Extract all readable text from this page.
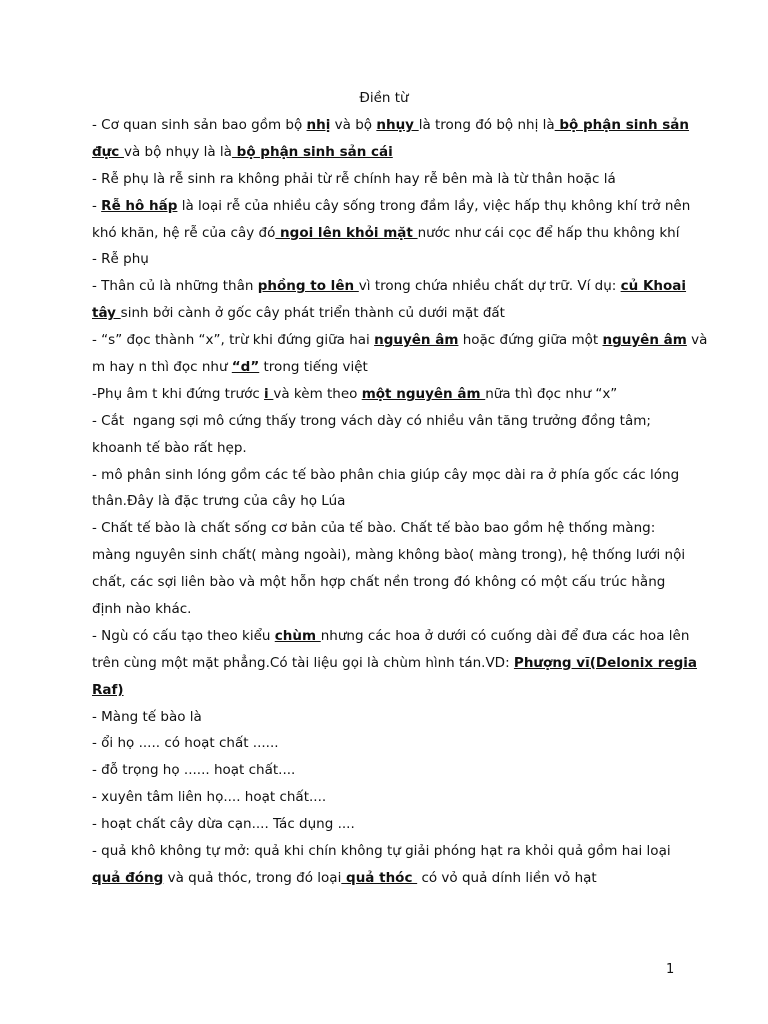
Điền từ
- Cơ quan sinh sản bao gồm bộ nhị và bộ nhụy là trong đó bộ nhị là bộ phận sinh sản
đực và bộ nhụy là là bộ phận sinh sản cái
- Rễ phụ là rễ sinh ra không phải từ rễ chính hay rễ bên mà là từ thân hoặc lá
- Rễ hô hấp là loại rễ của nhiều cây sống trong đầm lầy, việc hấp thụ không khí trở nên
khó khăn, hệ rễ của cây đó ngoi lên khỏi mặt nước như cái cọc để hấp thu không khí
- Rễ phụ
- Thân củ là những thân phồng to lên vì trong chứa nhiều chất dự trữ. Ví dụ: củ Khoai
tây sinh bởi cành ở gốc cây phát triển thành củ dưới mặt đất
- “s” đọc thành “x”, trừ khi đứng giữa hai nguyên âm hoặc đứng giữa một nguyên âm và
m hay n thì đọc như “d” trong tiếng việt
-Phụ âm t khi đứng trước i và kèm theo một nguyên âm nữa thì đọc như “x”
- Cắt  ngang sợi mô cứng thấy trong vách dày có nhiều vân tăng trưởng đồng tâm;
khoanh tế bào rất hẹp.
- mô phân sinh lóng gồm các tế bào phân chia giúp cây mọc dài ra ở phía gốc các lóng
thân.Đây là đặc trưng của cây họ Lúa
- Chất tế bào là chất sống cơ bản của tế bào. Chất tế bào bao gồm hệ thống màng:
màng nguyên sinh chất( màng ngoài), màng không bào( màng trong), hệ thống lưới nội
chất, các sợi liên bào và một hỗn hợp chất nền trong đó không có một cấu trúc hằng
định nào khác.
- Ngù có cấu tạo theo kiểu chùm nhưng các hoa ở dưới có cuống dài để đưa các hoa lên
trên cùng một mặt phẳng.Có tài liệu gọi là chùm hình tán.VD: Phượng vĩ(Delonix regia
Raf)
- Màng tế bào là
- ổi họ ..... có hoạt chất ......
- đỗ trọng họ ...... hoạt chất....
- xuyên tâm liên họ.... hoạt chất....
- hoạt chất cây dừa cạn.... Tác dụng ....
- quả khô không tự mở: quả khi chín không tự giải phóng hạt ra khỏi quả gồm hai loại
quả đóng và quả thóc, trong đó loại quả thóc  có vỏ quả dính liền vỏ hạt
1
